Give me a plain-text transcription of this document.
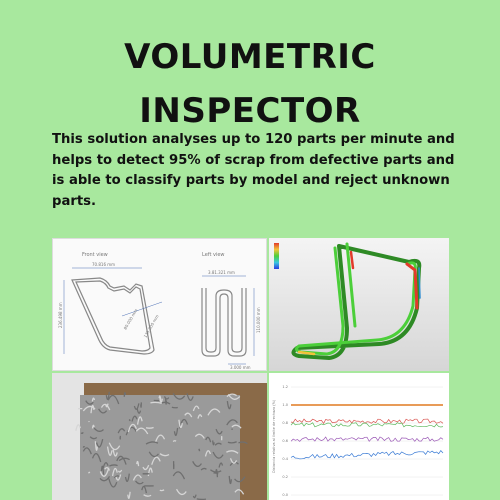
VOLUMETRIC
INSPECTOR
This solution analyses up to 120 parts per minute and helps to detect 95% of scrap from defective parts and is able to classify parts by model and reject unknown parts.
Front view	Left view
70.816 mm
236.498 mm	80.000 mm 135.000 mm
3.81.321 mm
110.000 mm
3.000 mm
Distancia relativa al límite de rechazo (%)
1.2
1.0
0.8
0.6
0.4
0.2
0.0
